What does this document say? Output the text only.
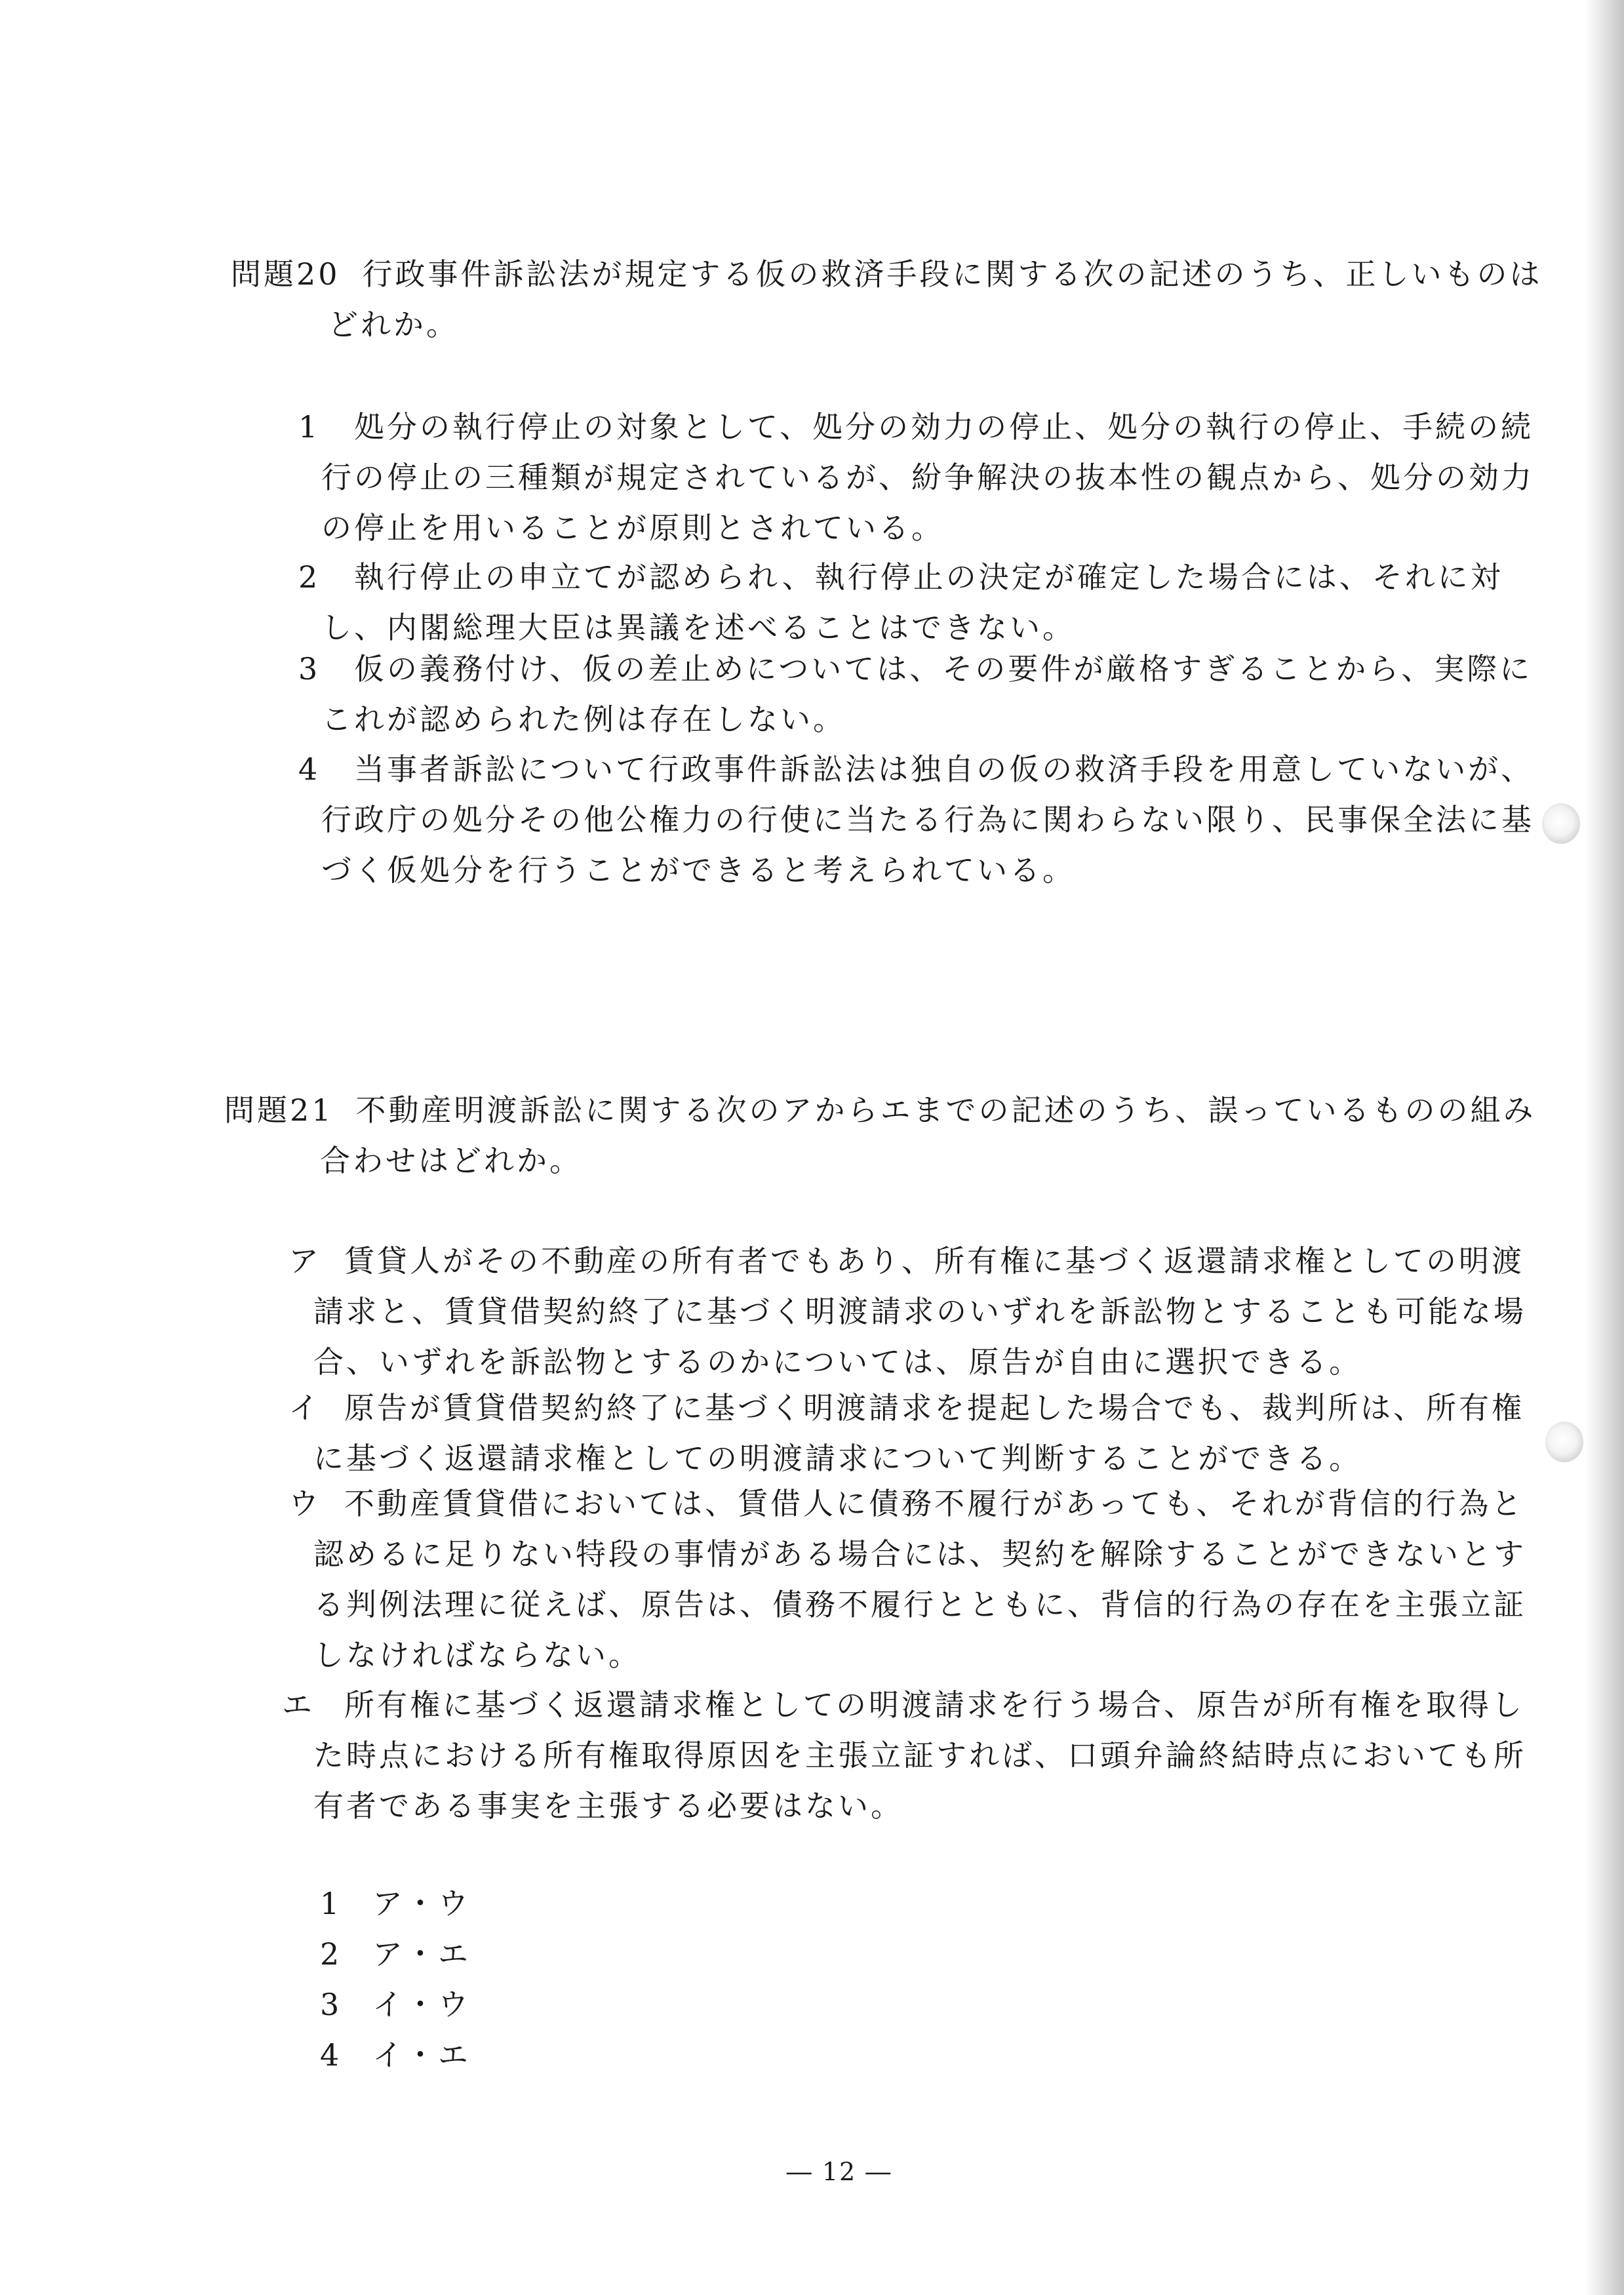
問題20 行政事件訴訟法が規定する仮の救済手段に関する次の記述のうち、正しいものは
どれか。
1 処分の執行停止の対象として、処分の効力の停止、処分の執行の停止、手続の続
行の停止の三種類が規定されているが、紛争解決の抜本性の観点から、処分の効力
の停止を用いることが原則とされている。
2 執行停止の申立てが認められ、執行停止の決定が確定した場合には、それに対
し、内閣総理大臣は異議を述べることはできない。
3 仮の義務付け、仮の差止めについては、その要件が厳格すぎることから、実際に
これが認められた例は存在しない。
4 当事者訴訟について行政事件訴訟法は独自の仮の救済手段を用意していないが、
行政庁の処分その他公権力の行使に当たる行為に関わらない限り、民事保全法に基
づく仮処分を行うことができると考えられている。
問題21 不動産明渡訴訟に関する次のアからエまでの記述のうち、誤っているものの組み
合わせはどれか。
ア 賃貸人がその不動産の所有者でもあり、所有権に基づく返還請求権としての明渡
請求と、賃貸借契約終了に基づく明渡請求のいずれを訴訟物とすることも可能な場
合、いずれを訴訟物とするのかについては、原告が自由に選択できる。
イ 原告が賃貸借契約終了に基づく明渡請求を提起した場合でも、裁判所は、所有権
に基づく返還請求権としての明渡請求について判断することができる。
ウ 不動産賃貸借においては、賃借人に債務不履行があっても、それが背信的行為と
認めるに足りない特段の事情がある場合には、契約を解除することができないとす
る判例法理に従えば、原告は、債務不履行とともに、背信的行為の存在を主張立証
しなければならない。
エ 所有権に基づく返還請求権としての明渡請求を行う場合、原告が所有権を取得し
た時点における所有権取得原因を主張立証すれば、口頭弁論終結時点においても所
有者である事実を主張する必要はない。
1 ア・ウ
2 ア・エ
3 イ・ウ
4 イ・エ
― 12 ―
